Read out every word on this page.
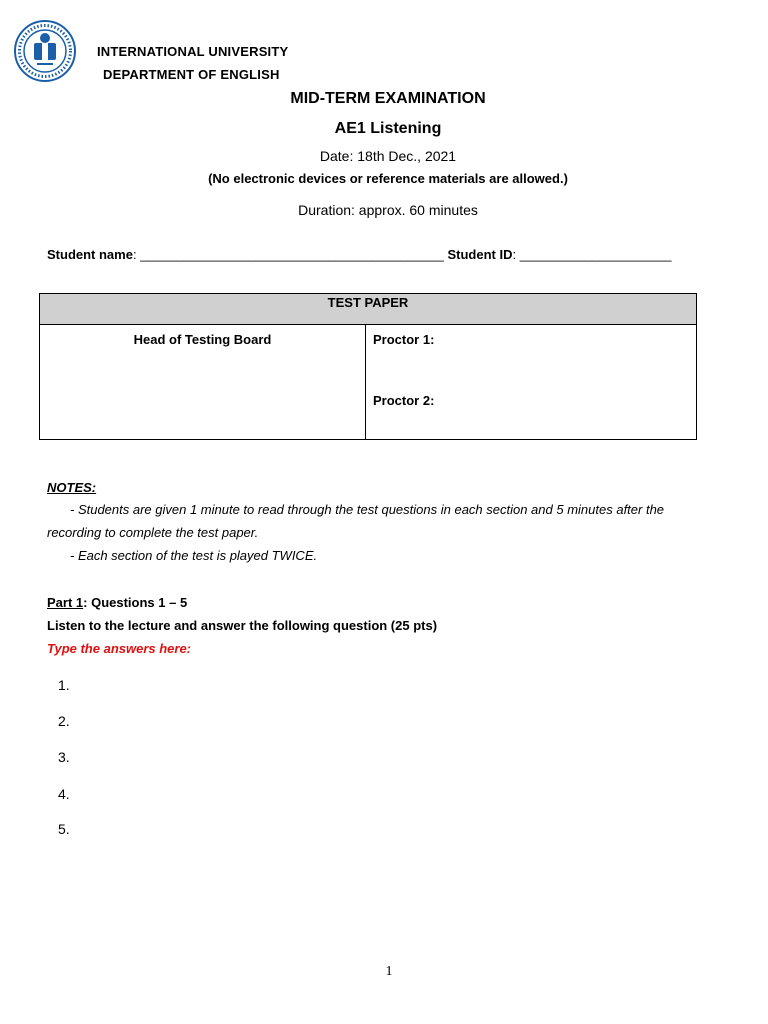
INTERNATIONAL UNIVERSITY
DEPARTMENT OF ENGLISH
MID-TERM EXAMINATION
AE1 Listening
Date: 18th Dec., 2021
(No electronic devices or reference materials are allowed.)
Duration: approx. 60 minutes
Student name: __________________________________________ Student ID: _____________________
TEST PAPER
Head of Testing Board	Proctor 1:
Proctor 2:
NOTES:
- Students are given 1 minute to read through the test questions in each section and 5 minutes after the
recording to complete the test paper.
- Each section of the test is played TWICE.
Part 1: Questions 1 – 5
Listen to the lecture and answer the following question (25 pts)
Type the answers here:
1.
2.
3.
4.
5.
1
